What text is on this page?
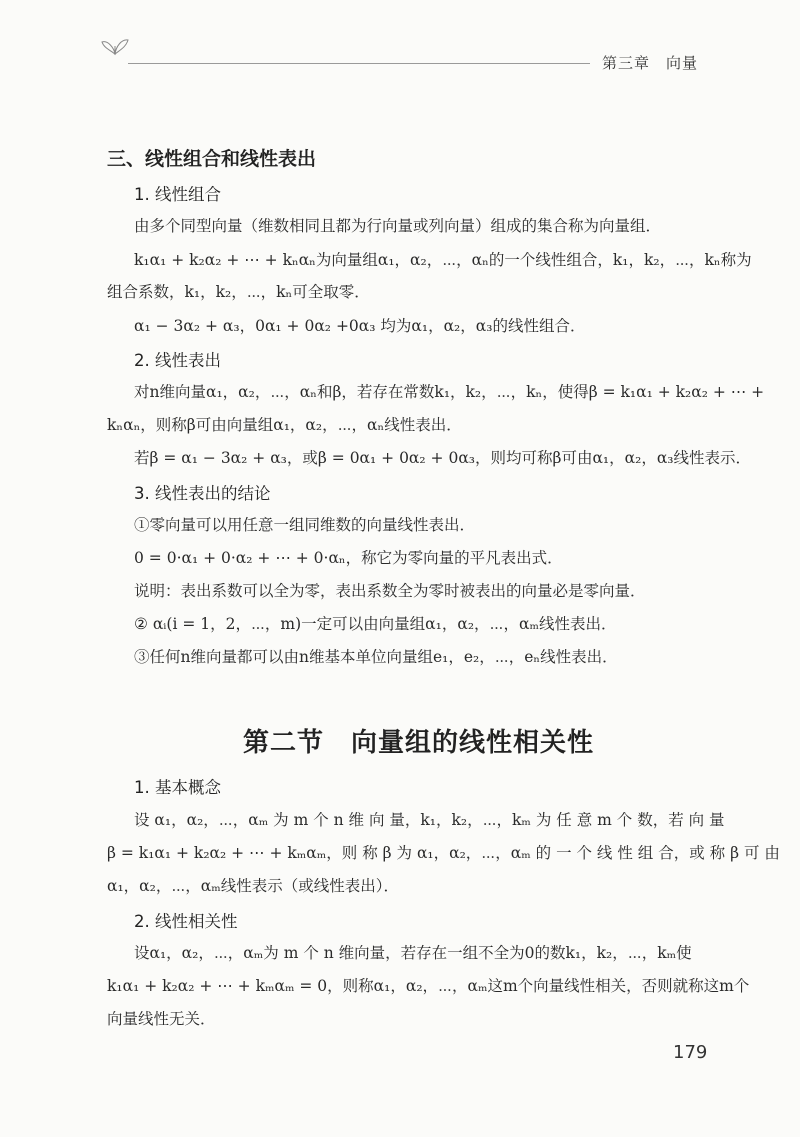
第三章　向量
三、线性组合和线性表出
1. 线性组合
由多个同型向量（维数相同且都为行向量或列向量）组成的集合称为向量组．
k₁α₁ + k₂α₂ + ⋯ + kₙαₙ为向量组α₁，α₂，⋯，αₙ的一个线性组合，k₁，k₂，⋯，kₙ称为
组合系数，k₁，k₂，⋯，kₙ可全取零．
α₁ − 3α₂ + α₃，0α₁ + 0α₂ +0α₃ 均为α₁，α₂，α₃的线性组合．
2. 线性表出
对n维向量α₁，α₂，⋯，αₙ和β，若存在常数k₁，k₂，⋯，kₙ，使得β = k₁α₁ + k₂α₂ + ⋯ +
kₙαₙ，则称β可由向量组α₁，α₂，⋯，αₙ线性表出．
若β = α₁ − 3α₂ + α₃，或β = 0α₁ + 0α₂ + 0α₃，则均可称β可由α₁，α₂，α₃线性表示．
3. 线性表出的结论
①零向量可以用任意一组同维数的向量线性表出．
0 = 0·α₁ + 0·α₂ + ⋯ + 0·αₙ，称它为零向量的平凡表出式．
说明：表出系数可以全为零，表出系数全为零时被表出的向量必是零向量．
② αᵢ(i = 1，2，⋯，m)一定可以由向量组α₁，α₂，⋯，αₘ线性表出．
③任何n维向量都可以由n维基本单位向量组e₁，e₂，⋯，eₙ线性表出．
第二节　向量组的线性相关性
1. 基本概念
设 α₁，α₂，⋯，αₘ 为 m 个 n 维 向 量，k₁，k₂，⋯，kₘ 为 任 意 m 个 数，若 向 量
β = k₁α₁ + k₂α₂ + ⋯ + kₘαₘ，则 称 β 为 α₁，α₂，⋯，αₘ 的 一 个 线 性 组 合，或 称 β 可 由
α₁，α₂，⋯，αₘ线性表示（或线性表出）．
2. 线性相关性
设α₁，α₂，⋯，αₘ为 m 个 n 维向量，若存在一组不全为0的数k₁，k₂，⋯，kₘ使
k₁α₁ + k₂α₂ + ⋯ + kₘαₘ = 0，则称α₁，α₂，⋯，αₘ这m个向量线性相关，否则就称这m个
向量线性无关．
179
